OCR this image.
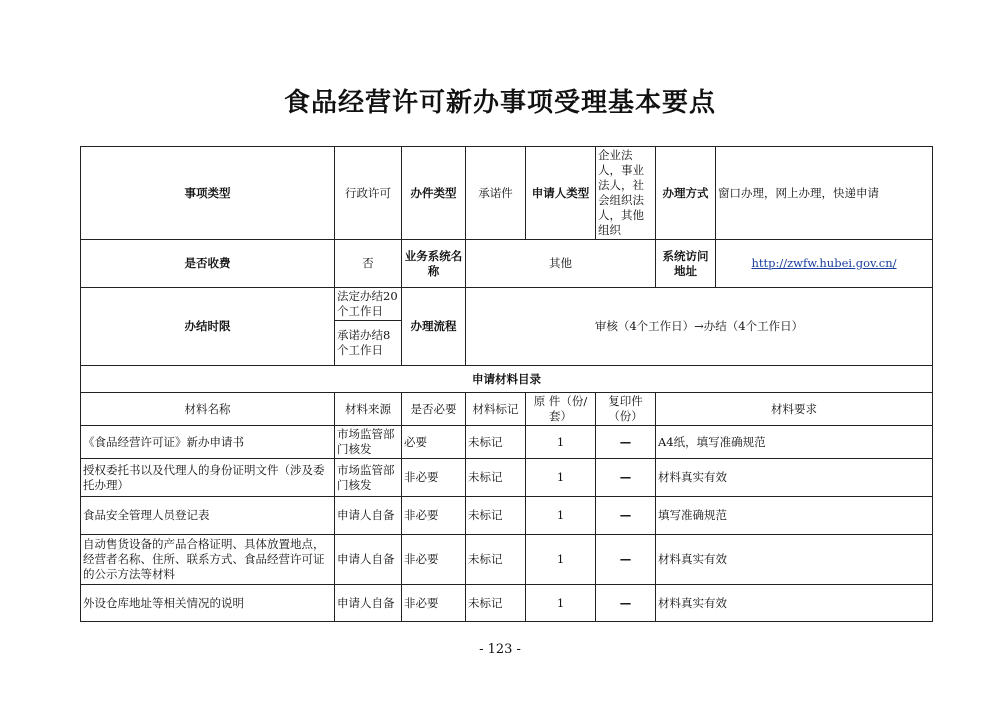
食品经营许可新办事项受理基本要点
事项类型	行政许可	办件类型	承诺件	申请人类型	企业法人，事业法人，社会组织法人，其他组织	办理方式	窗口办理，网上办理，快递申请
是否收费	否	业务系统名称	其他			系统访问地址	http://zwfw.hubei.gov.cn/
办结时限	法定办结20个工作日	办理流程	审核（4个工作日）→办结（4个工作日）				
	承诺办结8个工作日						
申请材料目录							
材料名称	材料来源	是否必要	材料标记	原 件（份/套）	复印件（份）	材料要求	
《食品经营许可证》新办申请书	市场监管部门核发	必要	未标记	1	—	A4纸，填写准确规范	
授权委托书以及代理人的身份证明文件（涉及委托办理）	市场监管部门核发	非必要	未标记	1	—	材料真实有效	
食品安全管理人员登记表	申请人自备	非必要	未标记	1	—	填写准确规范	
自动售货设备的产品合格证明、具体放置地点，经营者名称、住所、联系方式、食品经营许可证的公示方法等材料	申请人自备	非必要	未标记	1	—	材料真实有效	
外设仓库地址等相关情况的说明	申请人自备	非必要	未标记	1	—	材料真实有效	
- 123 -
